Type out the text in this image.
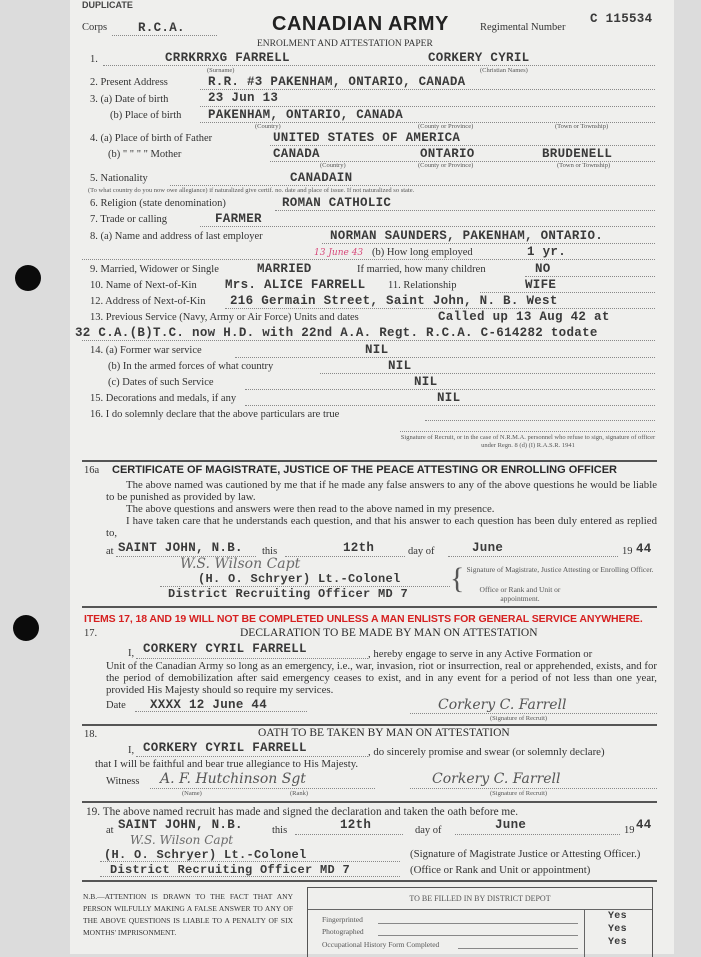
DUPLICATE
Corps R.C.A.	CANADIAN ARMY	Regimental Number
C 115534
ENROLMENT AND ATTESTATION PAPER
1.	CRRKRRXG FARRELL	CORKERY CYRIL
(Surname)	(Christian Names)
2. Present Address	R.R. #3 PAKENHAM, ONTARIO, CANADA
3. (a) Date of birth	23 Jun 13
(b) Place of birth PAKENHAM, ONTARIO, CANADA
(Country)	(County or Province)	(Town or Township)
4. (a) Place of birth of Father	UNITED STATES OF AMERICA
(b) " " " " Mother	CANADA	ONTARIO	BRUDENELL
(Country)	(County or Province)	(Town or Township)
5. Nationality	CANADAIN
(To what country do you now owe allegiance) if naturalized give certif. no. date and place of issue. If not naturalized so state.
6. Religion (state denomination)	ROMAN CATHOLIC
7. Trade or calling	FARMER
8. (a) Name and address of last employer	NORMAN SAUNDERS, PAKENHAM, ONTARIO.
(b) How long employed	1 yr.
9. Married, Widower or Single	MARRIED
13 June 43
If married, how many children	NO
10. Name of Next-of-Kin Mrs. ALICE FARRELL 11. Relationship	WIFE
12. Address of Next-of-Kin 216 Germain Street, Saint John, N. B. West
13. Previous Service (Navy, Army or Air Force) Units and dates	Called up 13 Aug 42 at
32 C.A.(B)T.C. now H.D. with 22nd A.A. Regt. R.C.A. C-614282 todate
14. (a) Former war service	NIL
(b) In the armed forces of what country	NIL
(c) Dates of such Service	NIL
15. Decorations and medals, if any	NIL
16. I do solemnly declare that the above particulars are true
Signature of Recruit, or in the case of N.R.M.A. personnel who refuse to sign, signature of officer under Regn. 8 (d) (I) R.A.S.R. 1941
16a CERTIFICATE OF MAGISTRATE, JUSTICE OF THE PEACE ATTESTING OR ENROLLING OFFICER
The above named was cautioned by me that if he made any false answers to any of the above questions he would be liable to be punished as provided by law.
The above questions and answers were then read to the above named in my presence.
I have taken care that he understands each question, and that his answer to each question has been duly entered as replied to,
at SAINT JOHN, N.B. this	12th	day of	June	19 44
W.S. Wilson Capt
(H. O. Schryer) Lt.-Colonel
District Recruiting Officer MD 7 { Signature of Magistrate, Justice Attesting or Enrolling Officer.
Office or Rank and Unit or appointment.
ITEMS 17, 18 AND 19 WILL NOT BE COMPLETED UNLESS A MAN ENLISTS FOR GENERAL SERVICE ANYWHERE.
17.	DECLARATION TO BE MADE BY MAN ON ATTESTATION
I, CORKERY CYRIL FARRELL	, hereby engage to serve in any Active Formation or
Unit of the Canadian Army so long as an emergency, i.e., war, invasion, riot or insurrection, real or apprehended, exists, and for the period of demobilization after said emergency ceases to exist, and in any event for a period of not less than one year, provided His Majesty should so require my services.
Date XXXX 12 June 44	Corkery C. Farrell
(Signature of Recruit)
18.	OATH TO BE TAKEN BY MAN ON ATTESTATION
I, CORKERY CYRIL FARRELL	, do sincerely promise and swear (or solemnly declare)
that I will be faithful and bear true allegiance to His Majesty.
Witness A. F. Hutchinson Sgt
(Name)	(Rank)
Corkery C. Farrell
(Signature of Recruit)
19. The above named recruit has made and signed the declaration and taken the oath before me.
at SAINT JOHN, N.B.	this	12th	day of	June	19 44
W.S. Wilson Capt
(H. O. Schryer) Lt.-Colonel	(Signature of Magistrate Justice or Attesting Officer.)
District Recruiting Officer MD 7	(Office or Rank and Unit or appointment)
N.B.—ATTENTION IS DRAWN TO THE FACT THAT ANY PERSON WILFULLY MAKING A FALSE ANSWER TO ANY OF THE ABOVE QUESTIONS IS LIABLE TO A PENALTY OF SIX MONTHS' IMPRISONMENT.
TO BE FILLED IN BY DISTRICT DEPOT
Fingerprinted	Yes
Photographed	Yes
Occupational History Form Completed	Yes
